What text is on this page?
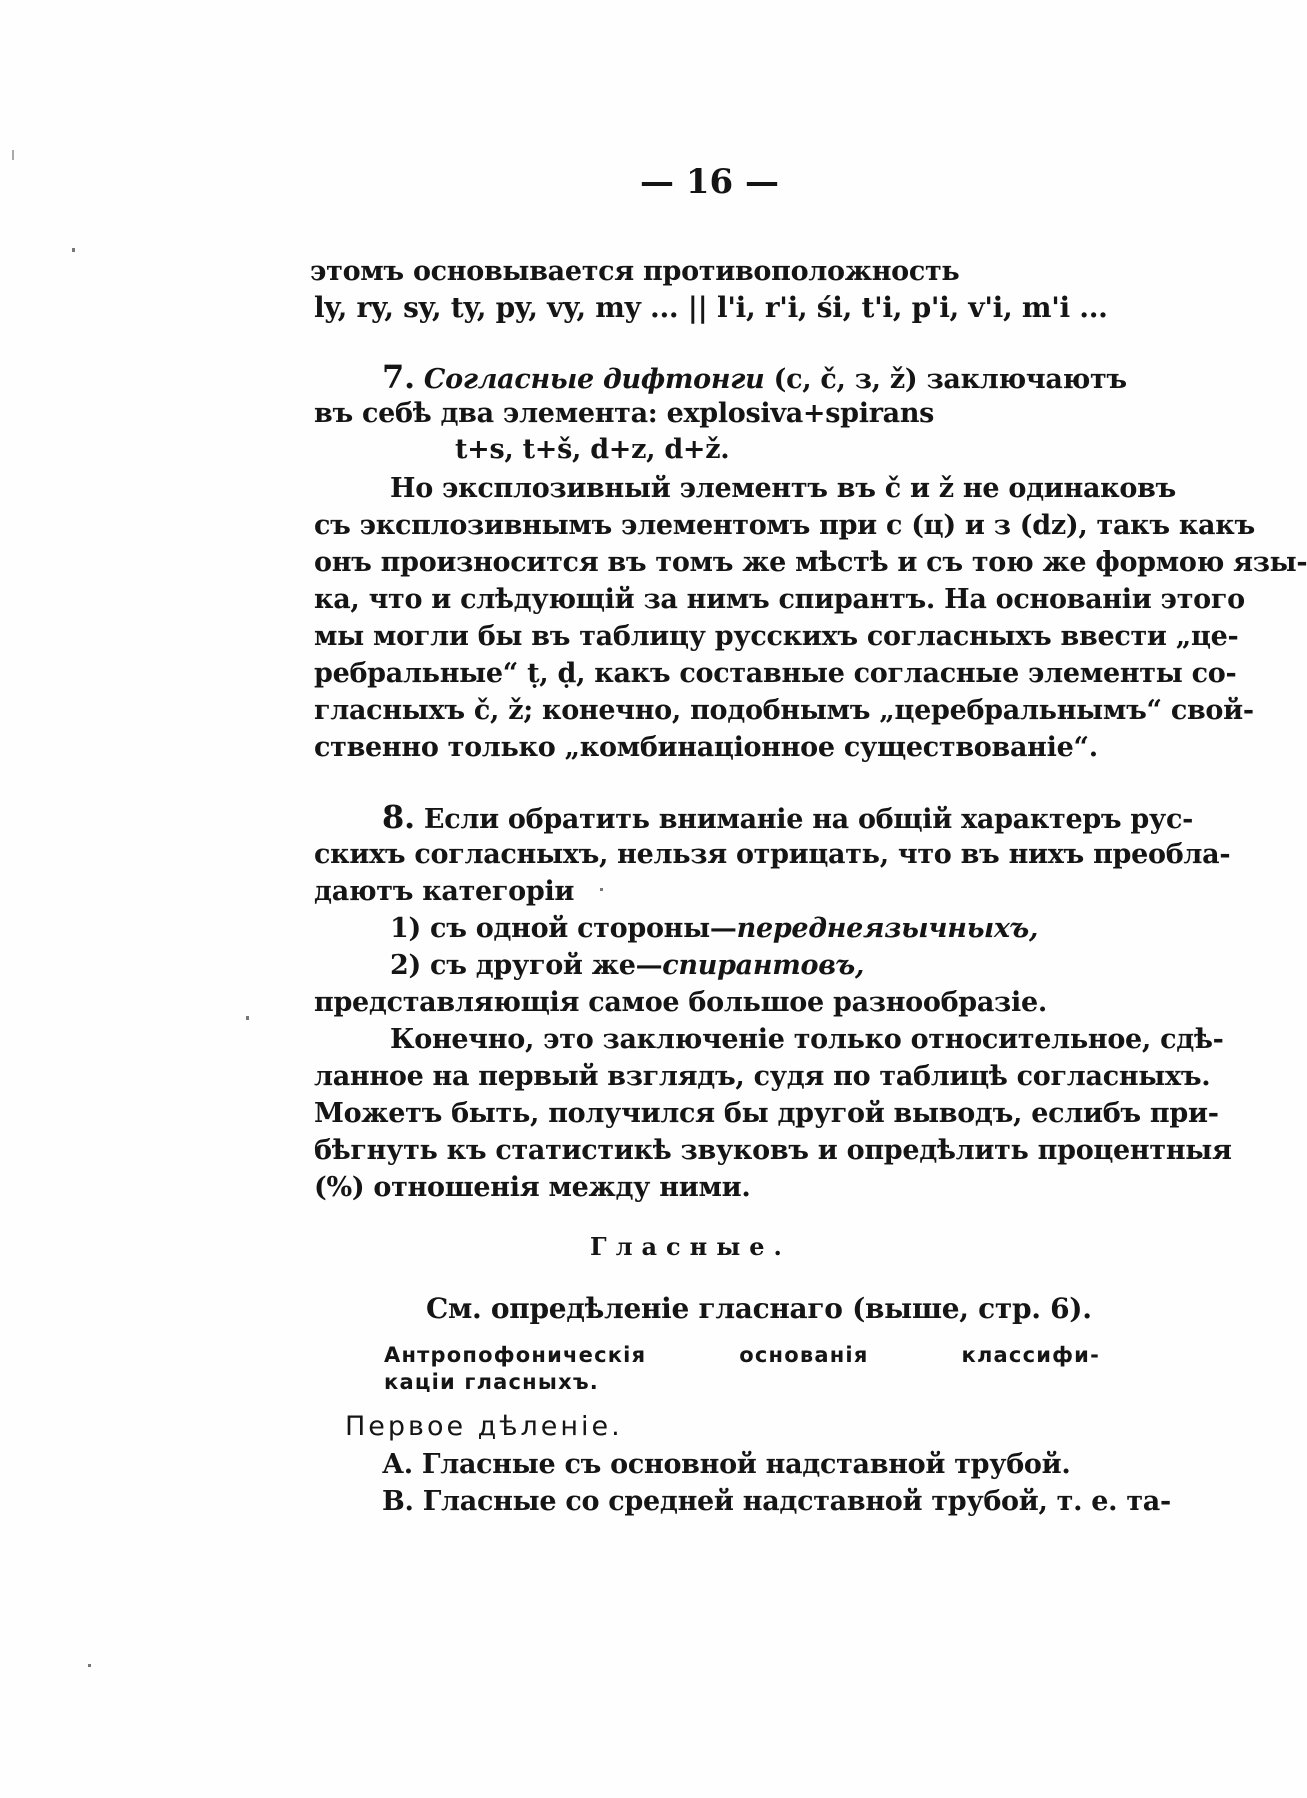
— 16 —
этомъ основывается противоположность
ly, ry, sy, ty, py, vy, my ... || l'i, r'i, śi, t'i, p'i, v'i, m'i ...
7. Согласные дифтонги (c, č, з, ž) заключаютъ
въ себѣ два элемента: explosiva+spirans
t+s, t+š, d+z, d+ž.
Но эксплозивный элементъ въ č и ž не одинаковъ
съ эксплозивнымъ элементомъ при с (ц) и з (dz), такъ какъ
онъ произносится въ томъ же мѣстѣ и съ тою же формою язы-
ка, что и слѣдующій за нимъ спирантъ. На основаніи этого
мы могли бы въ таблицу русскихъ согласныхъ ввести „це-
ребральные“ ṭ, ḍ, какъ составные согласные элементы со-
гласныхъ č, ž; конечно, подобнымъ „церебральнымъ“ свой-
ственно только „комбинаціонное существованіе“.
8. Если обратить вниманіе на общій характеръ рус-
скихъ согласныхъ, нельзя отрицать, что въ нихъ преобла-
даютъ категоріи
1) съ одной стороны—переднеязычныхъ,
2) съ другой же—спирантовъ,
представляющія самое большое разнообразіе.
Конечно, это заключеніе только относительное, сдѣ-
ланное на первый взглядъ, судя по таблицѣ согласныхъ.
Можетъ быть, получился бы другой выводъ, еслибъ при-
бѣгнуть къ статистикѣ звуковъ и опредѣлить процентныя
(%) отношенія между ними.
Гласные.
См. опредѣленіе гласнаго (выше, стр. 6).
Антропофоническія основанія классифи-
каціи гласныхъ.
Первое дѣленіе.
А. Гласные съ основной надставной трубой.
В. Гласные со средней надставной трубой, т. е. та-
